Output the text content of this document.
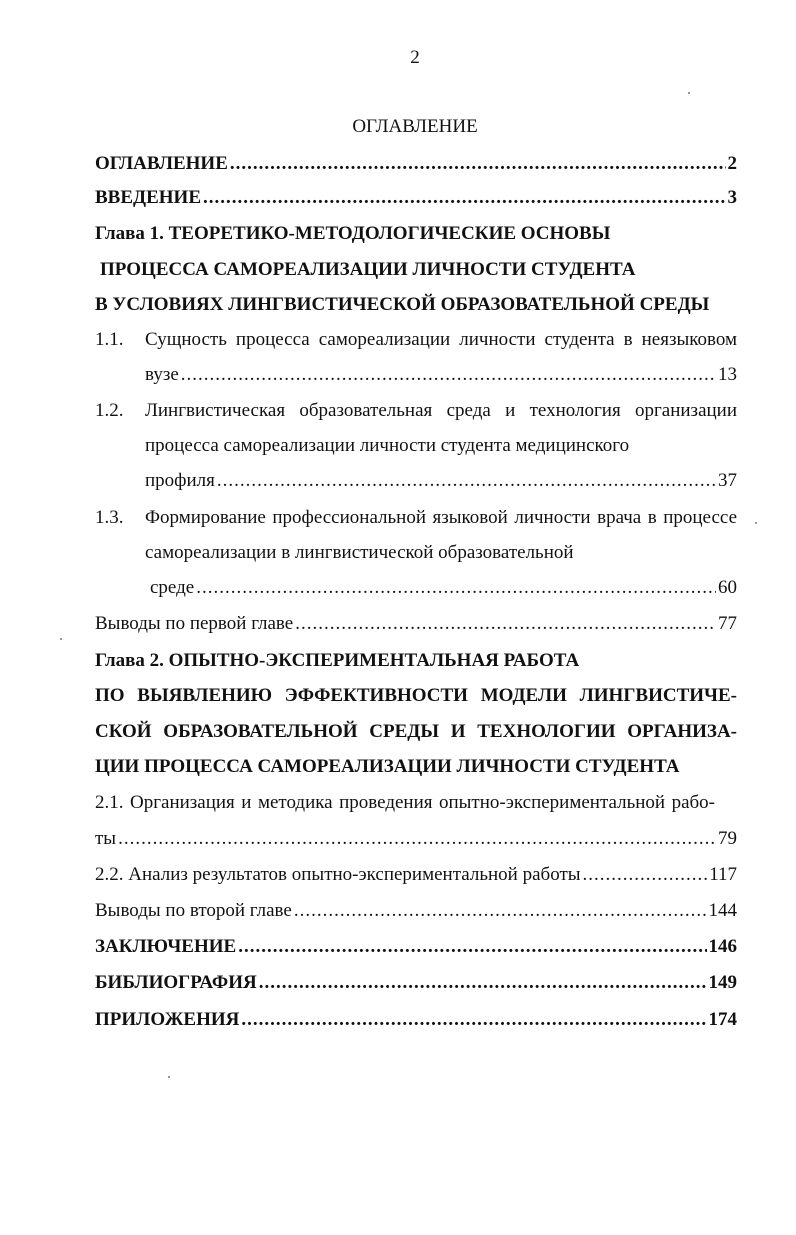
2
ОГЛАВЛЕНИЕ
ОГЛАВЛЕНИЕ .....	2
ВВЕДЕНИЕ .....	3
Глава 1. ТЕОРЕТИКО-МЕТОДОЛОГИЧЕСКИЕ ОСНОВЫ
ПРОЦЕССА САМОРЕАЛИЗАЦИИ ЛИЧНОСТИ СТУДЕНТА
В УСЛОВИЯХ ЛИНГВИСТИЧЕСКОЙ ОБРАЗОВАТЕЛЬНОЙ СРЕДЫ
1.1. Сущность процесса самореализации личности студента в неязыковом
вузе .....	13
1.2. Лингвистическая образовательная среда и технология организации
процесса самореализации личности студента медицинского
профиля .....	37
1.3. Формирование профессиональной языковой личности врача в процессе
самореализации в лингвистической образовательной
среде .....	60
Выводы по первой главе .....	77
Глава 2. ОПЫТНО-ЭКСПЕРИМЕНТАЛЬНАЯ РАБОТА
ПО ВЫЯВЛЕНИЮ ЭФФЕКТИВНОСТИ МОДЕЛИ ЛИНГВИСТИЧЕ-
СКОЙ ОБРАЗОВАТЕЛЬНОЙ СРЕДЫ И ТЕХНОЛОГИИ ОРГАНИЗА-
ЦИИ ПРОЦЕССА САМОРЕАЛИЗАЦИИ ЛИЧНОСТИ СТУДЕНТА
2.1. Организация и методика проведения опытно-экспериментальной рабо-
ты .....	79
2.2. Анализ результатов опытно-экспериментальной работы .....	117
Выводы по второй главе .....	144
ЗАКЛЮЧЕНИЕ .....	146
БИБЛИОГРАФИЯ .....	149
ПРИЛОЖЕНИЯ .....	174
